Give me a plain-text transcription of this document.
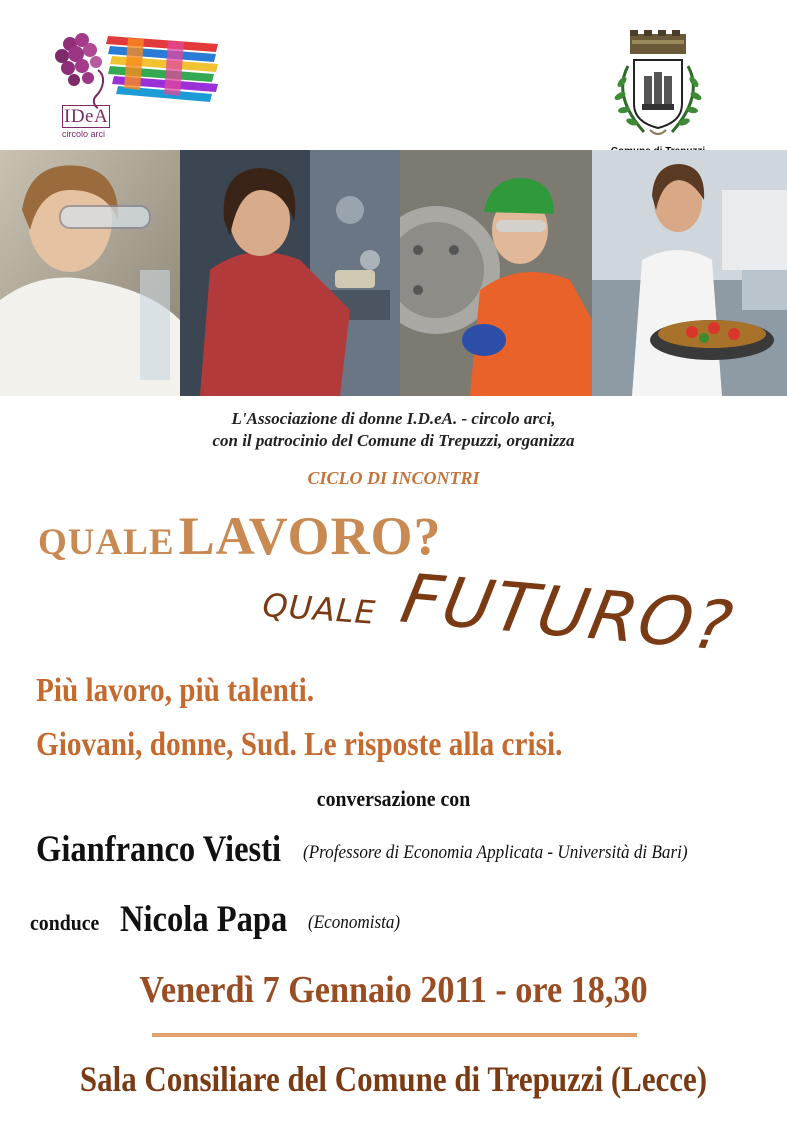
IDeA
circolo arci
L'Associazione di donne I.D.eA. - circolo arci,
con il patrocinio del Comune di Trepuzzi, organizza
CICLO DI INCONTRI
QUALE LAVORO?
QUALE FUTURO?
Più lavoro, più talenti.
Giovani, donne, Sud. Le risposte alla crisi.
conversazione con
Gianfranco Viesti (Professore di Economia Applicata - Università di Bari)
conduce Nicola Papa (Economista)
Venerdì 7 Gennaio 2011 - ore 18,30
Sala Consiliare del Comune di Trepuzzi (Lecce)
